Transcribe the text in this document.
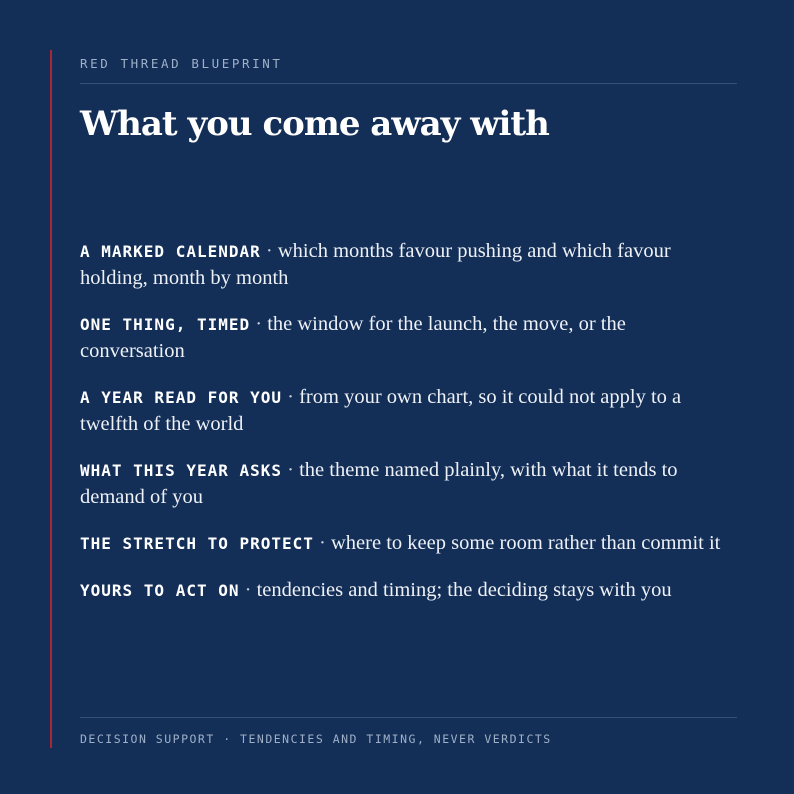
RED THREAD BLUEPRINT
What you come away with
A MARKED CALENDAR · which months favour pushing and which favour holding, month by month
ONE THING, TIMED · the window for the launch, the move, or the conversation
A YEAR READ FOR YOU · from your own chart, so it could not apply to a twelfth of the world
WHAT THIS YEAR ASKS · the theme named plainly, with what it tends to demand of you
THE STRETCH TO PROTECT · where to keep some room rather than commit it
YOURS TO ACT ON · tendencies and timing; the deciding stays with you
DECISION SUPPORT · TENDENCIES AND TIMING, NEVER VERDICTS
